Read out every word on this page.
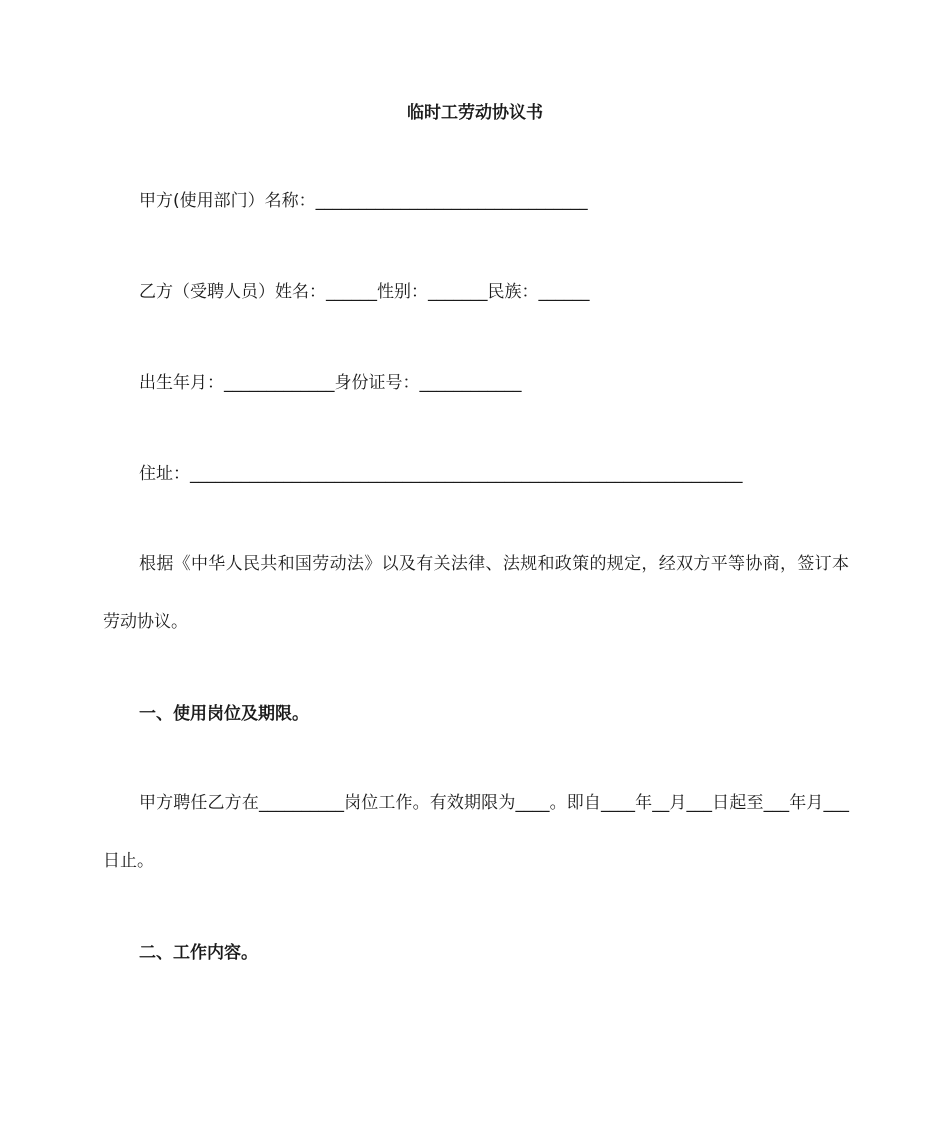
临时工劳动协议书
甲方(使用部门）名称：________________________________
乙方（受聘人员）姓名：______性别：_______民族：______
出生年月：_____________身份证号：____________
住址：_________________________________________________________________
根据《中华人民共和国劳动法》以及有关法律、法规和政策的规定，经双方平等协商，签订本劳动协议。
一、使用岗位及期限。
甲方聘任乙方在__________岗位工作。有效期限为____。即自____年__月___日起至___年月___日止。
二、工作内容。
